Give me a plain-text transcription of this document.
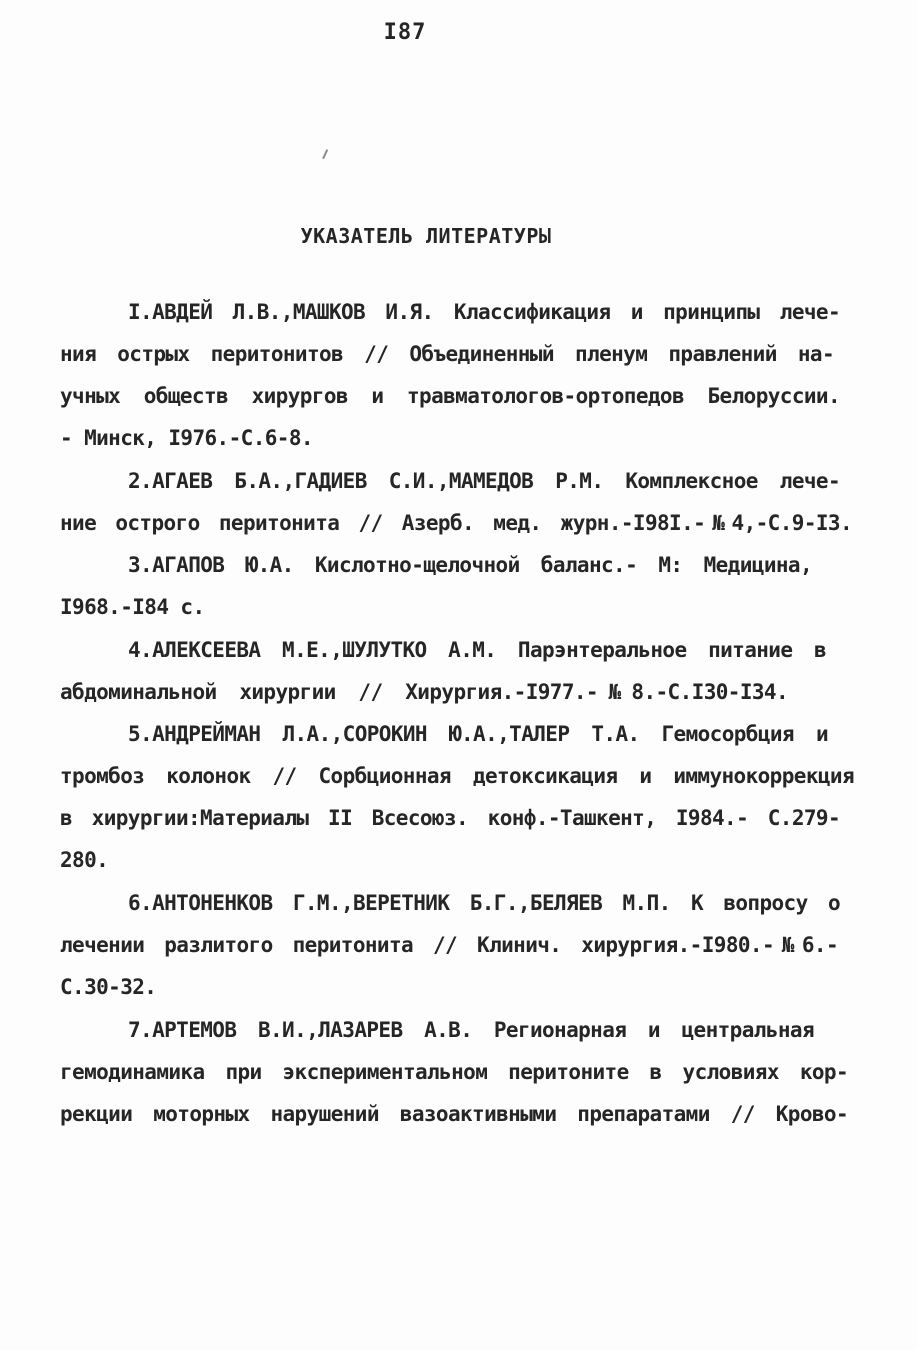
I87
УКАЗАТЕЛЬ ЛИТЕРАТУРЫ
I.АВДЕЙ Л.В.,МАШКОВ И.Я. Классификация и принципы лече-
ния острых перитонитов // Объединенный пленум правлений на-
учных обществ хирургов и травматологов-ортопедов Белоруссии.
- Минск, I976.-С.6-8.
2.АГАЕВ Б.А.,ГАДИЕВ С.И.,МАМЕДОВ Р.М. Комплексное лече-
ние острого перитонита // Азерб. мед. журн.-I98I.-№4,-С.9-I3.
3.АГАПОВ Ю.А. Кислотно-щелочной баланс.- М: Медицина,
I968.-I84 с.
4.АЛЕКСЕЕВА М.Е.,ШУЛУТКО А.М. Парэнтеральное питание в
абдоминальной хирургии // Хирургия.-I977.-№8.-С.I30-I34.
5.АНДРЕЙМАН Л.А.,СОРОКИН Ю.А.,ТАЛЕР Т.А. Гемосорбция и
тромбоз колонок // Сорбционная детоксикация и иммунокоррекция
в хирургии:Материалы II Всесоюз. конф.-Ташкент, I984.- С.279-
280.
6.АНТОНЕНКОВ Г.М.,ВЕРЕТНИК Б.Г.,БЕЛЯЕВ М.П. К вопросу о
лечении разлитого перитонита // Клинич. хирургия.-I980.-№6.-
С.30-32.
7.АРТЕМОВ В.И.,ЛАЗАРЕВ А.В. Регионарная и центральная
гемодинамика при экспериментальном перитоните в условиях кор-
рекции моторных нарушений вазоактивными препаратами // Крово-
